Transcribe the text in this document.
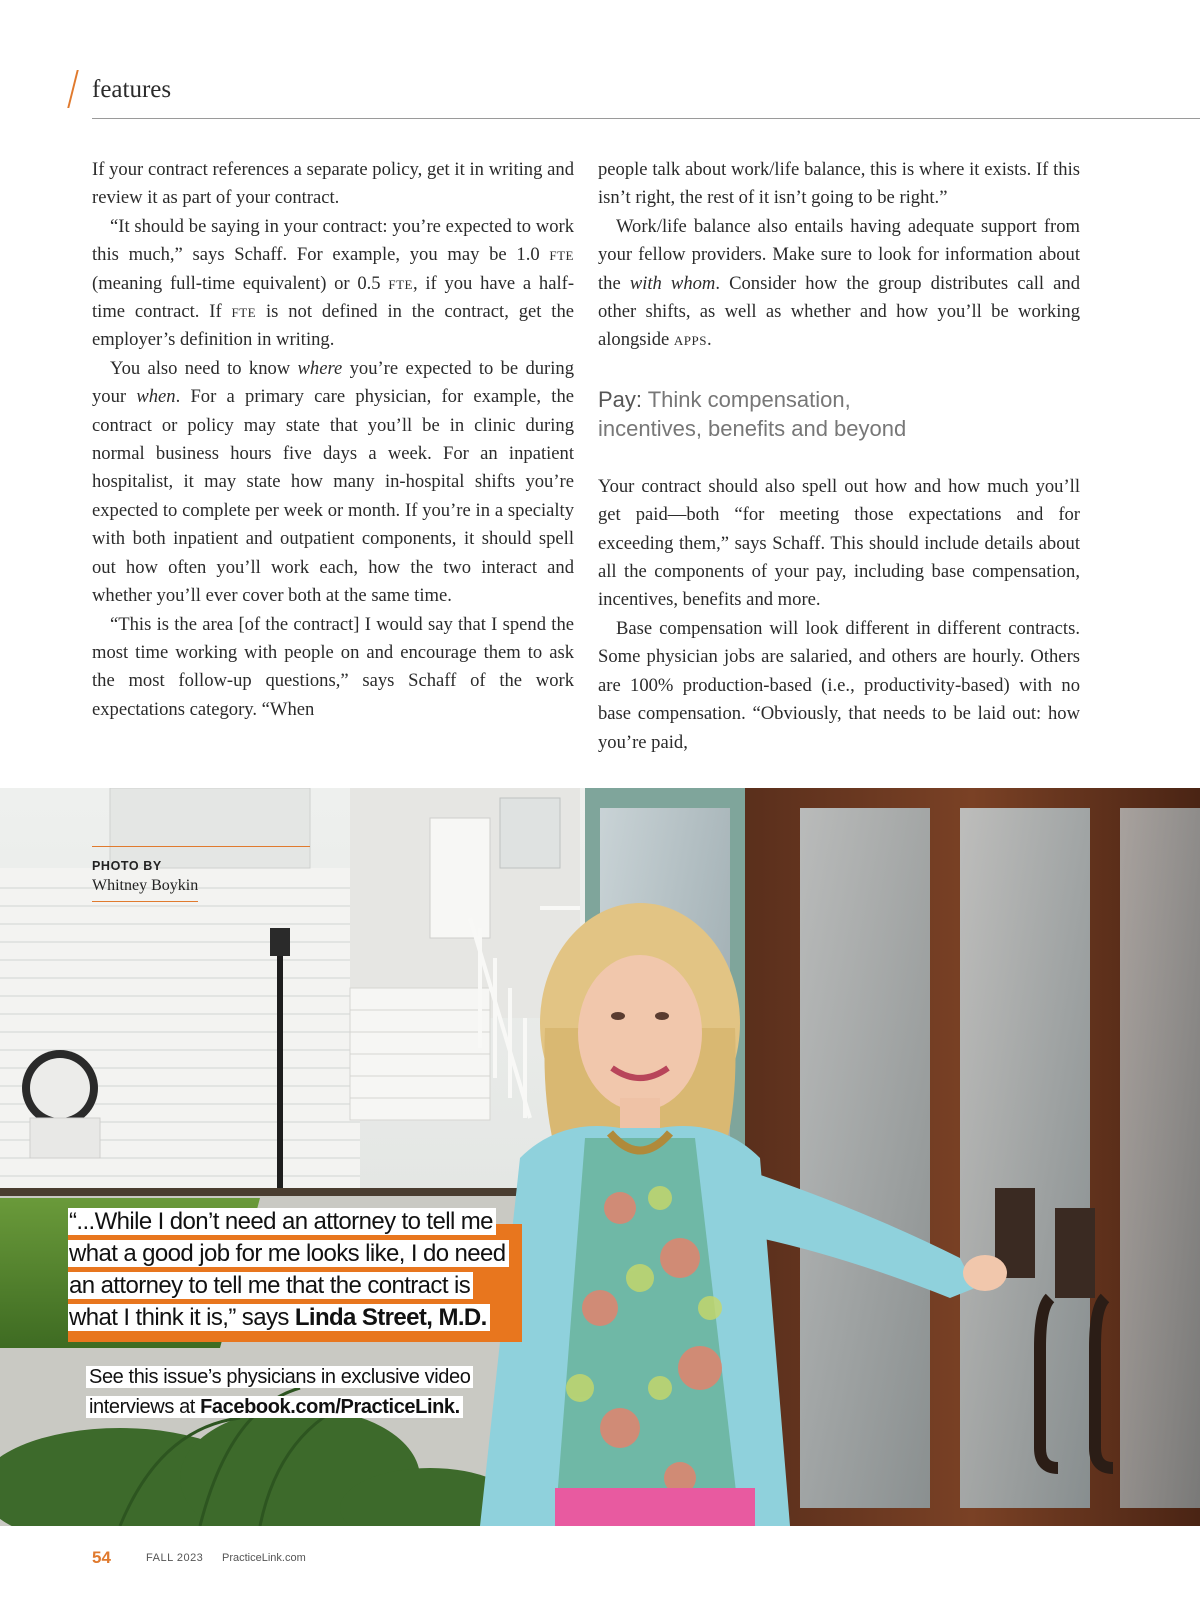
features

If your contract references a separate policy, get it in writing and review it as part of your contract.

“It should be saying in your contract: you’re expected to work this much,” says Schaff. For example, you may be 1.0 fte (meaning full-time equivalent) or 0.5 fte, if you have a half-time contract. If fte is not defined in the contract, get the employer’s definition in writing.

You also need to know where you’re expected to be during your when. For a primary care physician, for example, the contract or policy may state that you’ll be in clinic during normal business hours five days a week. For an inpatient hospitalist, it may state how many in-hospital shifts you’re expected to complete per week or month. If you’re in a specialty with both inpatient and outpatient components, it should spell out how often you’ll work each, how the two interact and whether you’ll ever cover both at the same time.

“This is the area [of the contract] I would say that I spend the most time working with people on and encourage them to ask the most follow-up questions,” says Schaff of the work expectations category. “When

people talk about work/life balance, this is where it exists. If this isn’t right, the rest of it isn’t going to be right.”

Work/life balance also entails having adequate support from your fellow providers. Make sure to look for information about the with whom. Consider how the group distributes call and other shifts, as well as whether and how you’ll be working alongside apps.

Pay: Think compensation,
incentives, benefits and beyond

Your contract should also spell out how and how much you’ll get paid—both “for meeting those expectations and for exceeding them,” says Schaff. This should include details about all the components of your pay, including base compensation, incentives, benefits and more.

Base compensation will look different in different contracts. Some physician jobs are salaried, and others are hourly. Others are 100% production-based (i.e., productivity-based) with no base compensation. “Obviously, that needs to be laid out: how you’re paid,

PHOTO BY
Whitney Boykin
“...While I don’t need an attorney to tell me
what a good job for me looks like, I do need
an attorney to tell me that the contract is
what I think it is,” says Linda Street, M.D.
See this issue’s physicians in exclusive video
interviews at Facebook.com/PracticeLink.
54	FALL 2023 PracticeLink.com
